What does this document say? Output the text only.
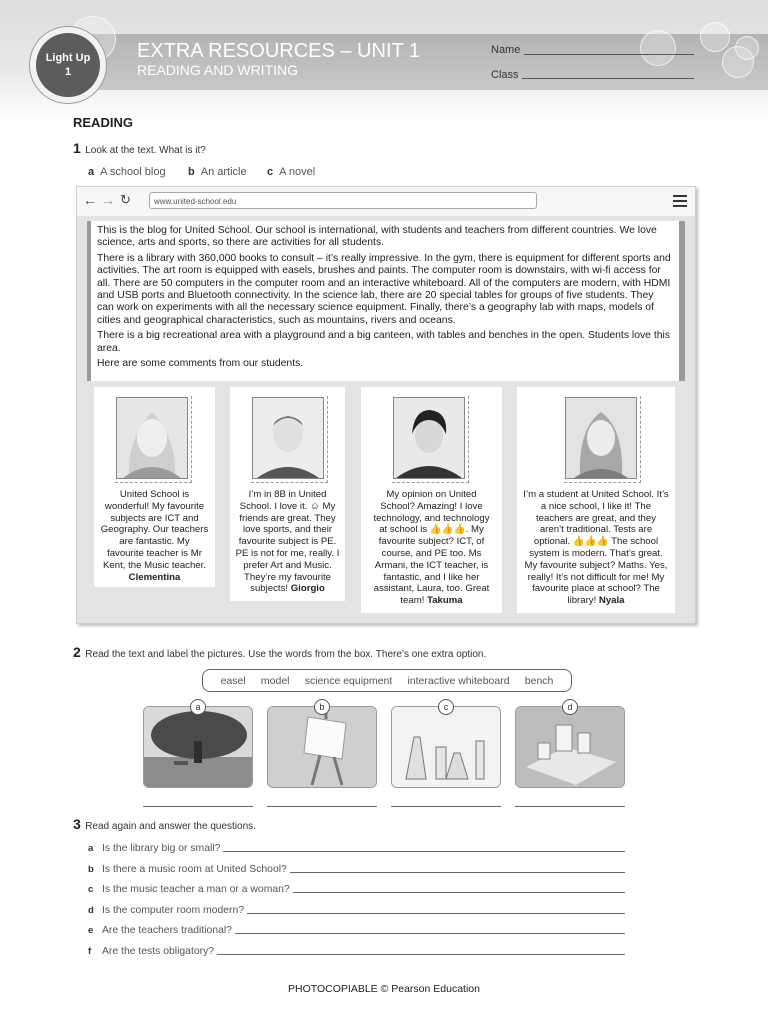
Light Up
1
EXTRA RESOURCES – UNIT 1
READING AND WRITING
Name
Class
READING
1 Look at the text. What is it?
a A school blog b An article c A novel
← → ↻	www.united-school.edu

This is the blog for United School. Our school is international, with students and teachers from different countries. We love science, arts and sports, so there are activities for all students.

There is a library with 360,000 books to consult – it’s really impressive. In the gym, there is equipment for different sports and activities. The art room is equipped with easels, brushes and paints. The computer room is downstairs, with wi-fi access for all. There are 50 computers in the computer room and an interactive whiteboard. All of the computers are modern, with HDMI and USB ports and Bluetooth connectivity. In the science lab, there are 20 special tables for groups of five students. They can work on experiments with all the necessary science equipment. Finally, there’s a geography lab with maps, models of cities and geographical characteristics, such as mountains, rivers and oceans.

There is a big recreational area with a playground and a big canteen, with tables and benches in the open. Students love this area.

Here are some comments from our students.

United School is wonderful! My favourite subjects are ICT and Geography. Our teachers are fantastic. My favourite teacher is Mr Kent, the Music teacher. Clementina
I’m in 8B in United School. I love it. ☺ My friends are great. They love sports, and their favourite subject is PE. PE is not for me, really. I prefer Art and Music. They’re my favourite subjects! Giorgio
My opinion on United School? Amazing! I love technology, and technology at school is 👍👍👍. My favourite subject? ICT, of course, and PE too. Ms Armani, the ICT teacher, is fantastic, and I like her assistant, Laura, too. Great team! Takuma
I’m a student at United School. It’s a nice school, I like it! The teachers are great, and they aren’t traditional. Tests are optional. 👍👍👍 The school system is modern. That’s great. My favourite subject? Maths. Yes, really! It’s not difficult for me! My favourite place at school? The library! Nyala
2 Read the text and label the pictures. Use the words from the box. There’s one extra option.
easel model science equipment interactive whiteboard bench
a	b	c	d
3 Read again and answer the questions.
a Is the library big or small?
b Is there a music room at United School?
c Is the music teacher a man or a woman?
d Is the computer room modern?
e Are the teachers traditional?
f	Are the tests obligatory?
PHOTOCOPIABLE © Pearson Education
